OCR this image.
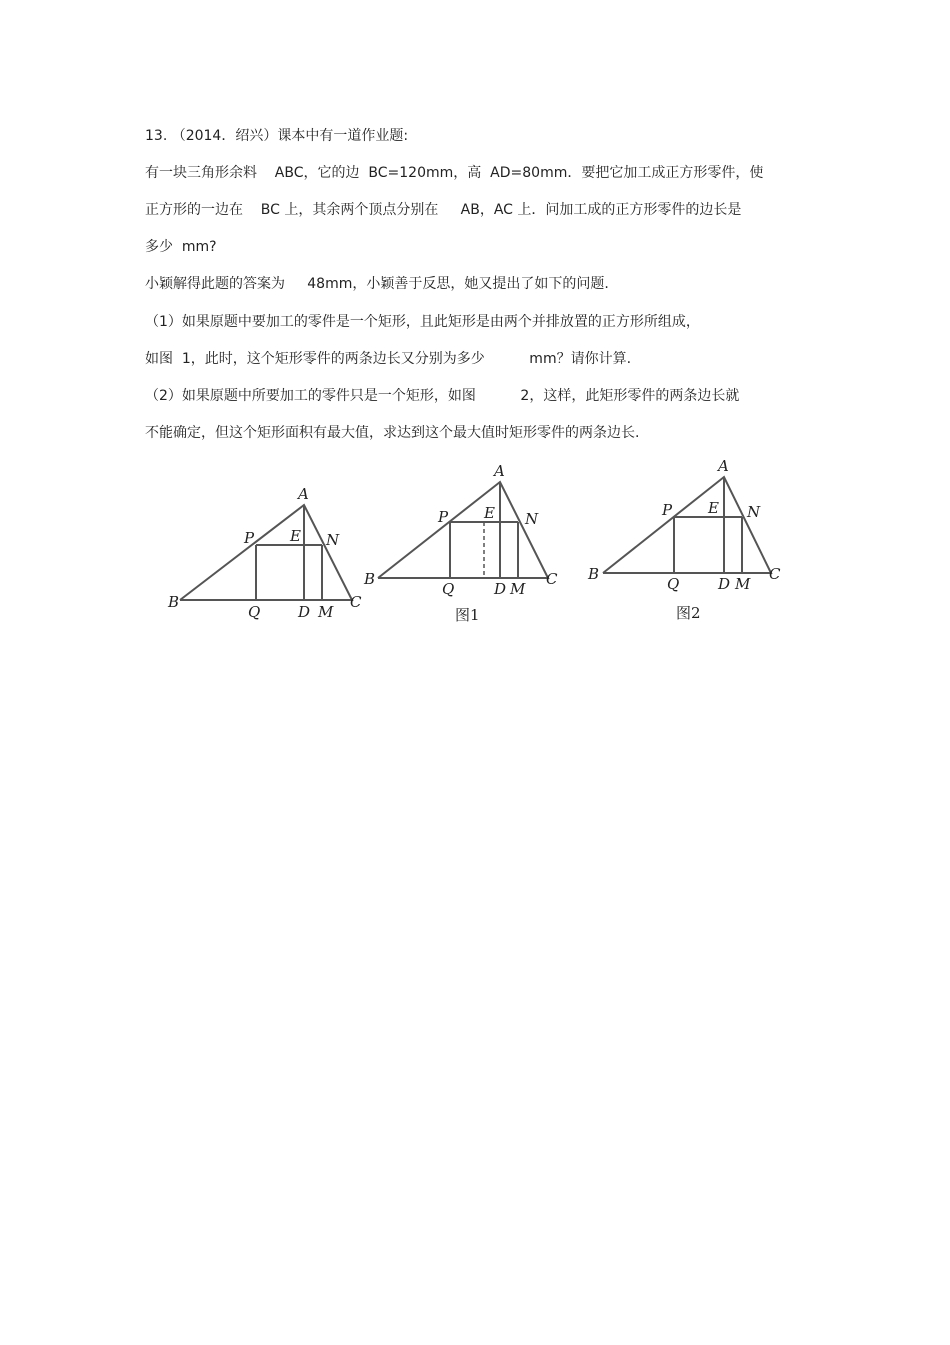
13. （2014．绍兴）课本中有一道作业题:
有一块三角形余料    ABC，它的边  BC=120mm，高  AD=80mm．要把它加工成正方形零件，使
正方形的一边在    BC 上，其余两个顶点分别在     AB，AC 上．问加工成的正方形零件的边长是
多少  mm?
小颖解得此题的答案为     48mm，小颖善于反思，她又提出了如下的问题.
（1）如果原题中要加工的零件是一个矩形，且此矩形是由两个并排放置的正方形所组成，
如图  1，此时，这个矩形零件的两条边长又分别为多少          mm？请你计算.
（2）如果原题中所要加工的零件只是一个矩形，如图          2，这样，此矩形零件的两条边长就
不能确定，但这个矩形面积有最大值，求达到这个最大值时矩形零件的两条边长.
A
B	C
P E N
Q	D M
A
B	C
P E N
Q	D M
图1
A
B	C
P E N
Q	D M
图2
